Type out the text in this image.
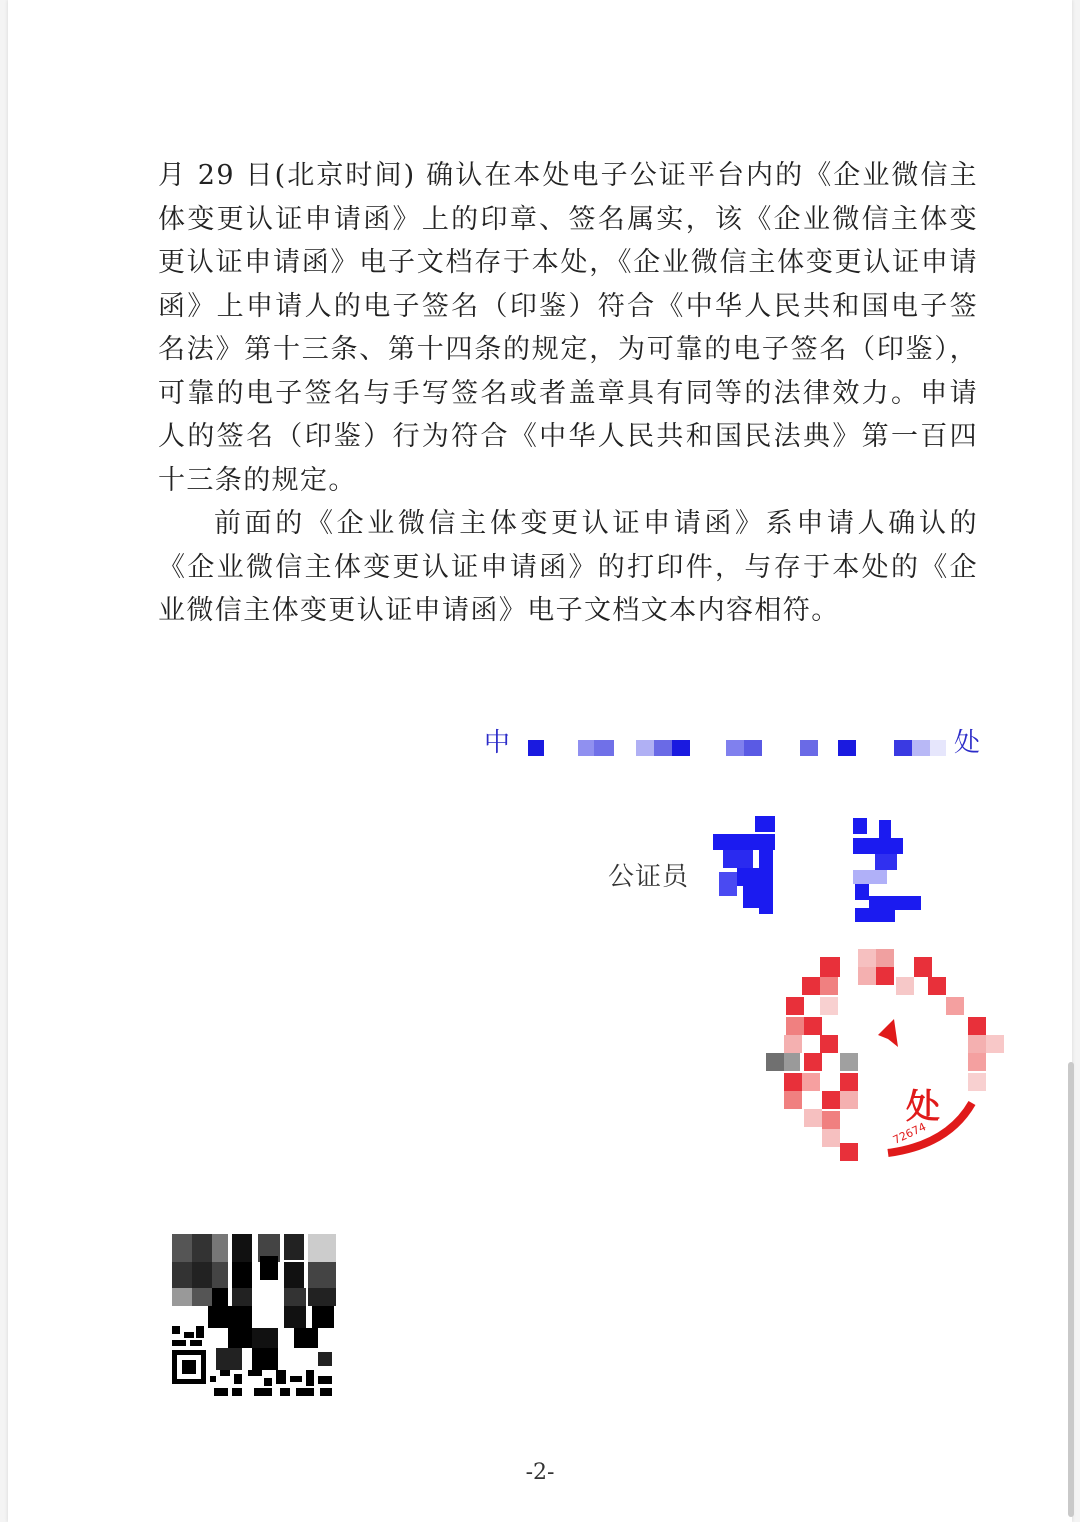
月 29 日(北京时间) 确认在本处电子公证平台内的《企业微信主体变更认证申请函》上的印章、签名属实，该《企业微信主体变更认证申请函》电子文档存于本处，《企业微信主体变更认证申请函》上申请人的电子签名（印鉴）符合《中华人民共和国电子签名法》第十三条、第十四条的规定，为可靠的电子签名（印鉴），可靠的电子签名与手写签名或者盖章具有同等的法律效力。申请人的签名（印鉴）行为符合《中华人民共和国民法典》第一百四十三条的规定。

前面的《企业微信主体变更认证申请函》系申请人确认的《企业微信主体变更认证申请函》的打印件，与存于本处的《企业微信主体变更认证申请函》电子文档文本内容相符。

中	处
公证员
处
72674
-2-
